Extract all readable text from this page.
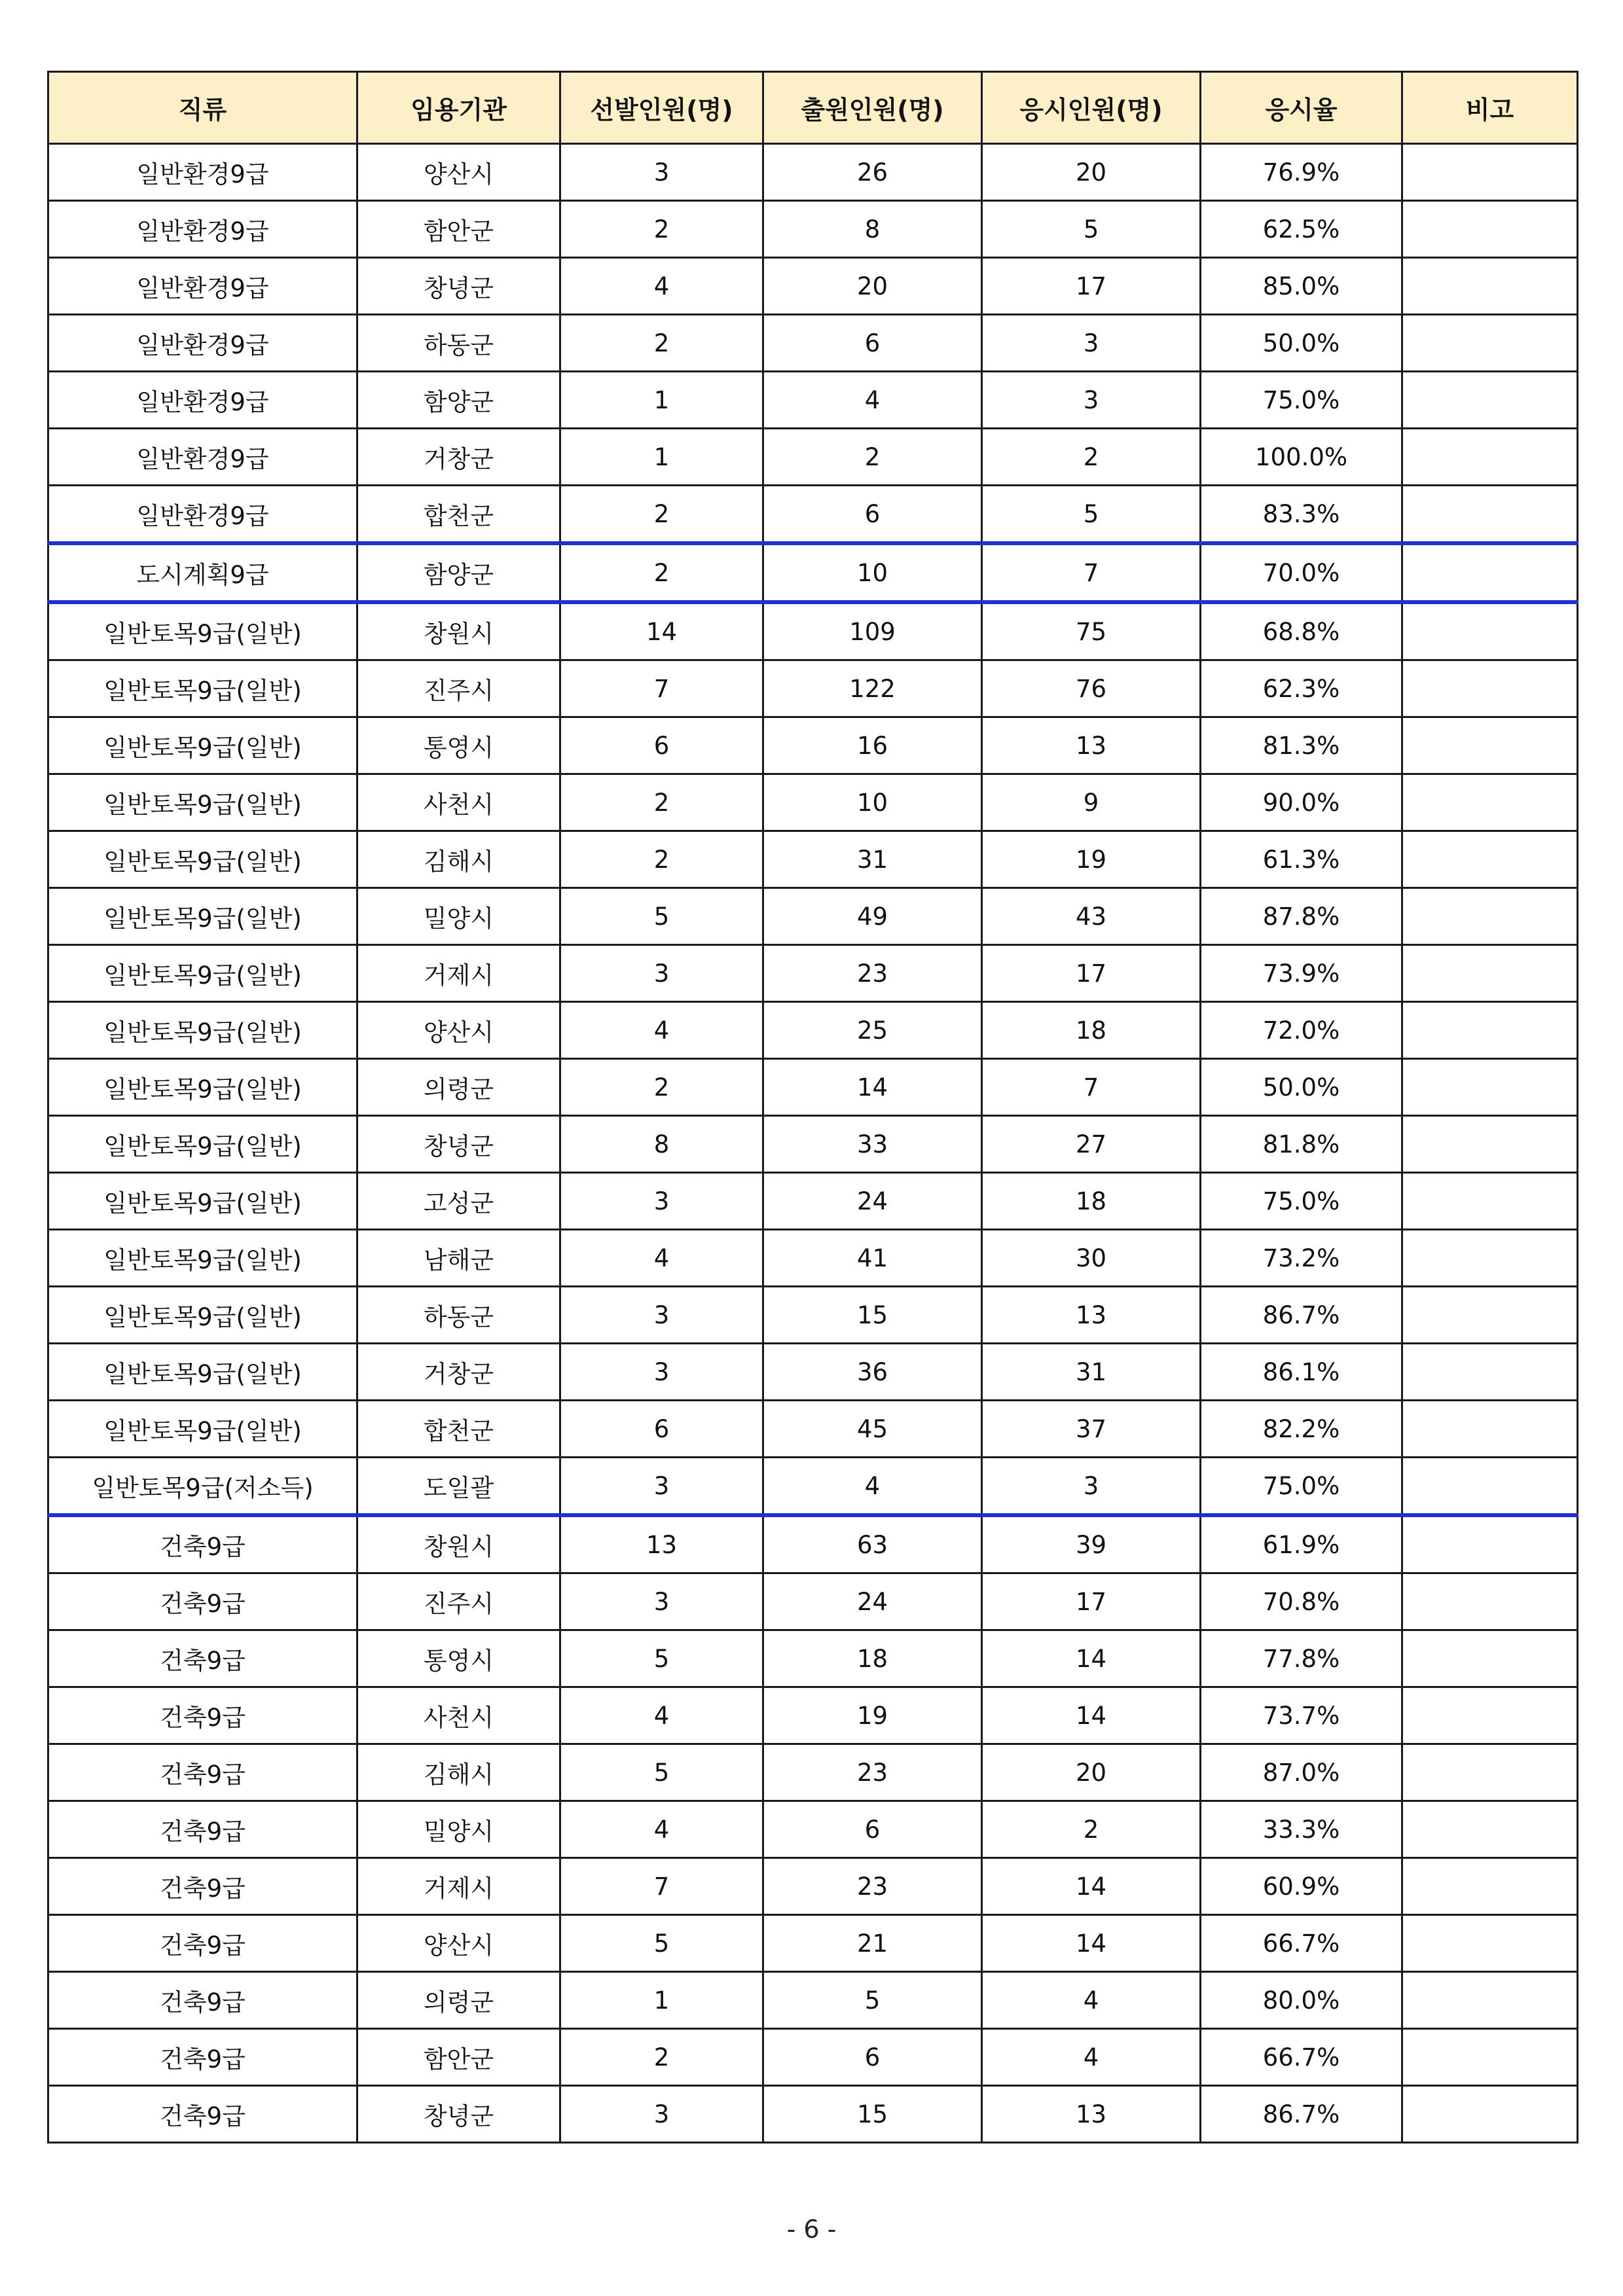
직류	임용기관	선발인원(명)	출원인원(명)	응시인원(명)	응시율	비고
일반환경9급	양산시	3	26	20	76.9%	
일반환경9급	함안군	2	8	5	62.5%	
일반환경9급	창녕군	4	20	17	85.0%	
일반환경9급	하동군	2	6	3	50.0%	
일반환경9급	함양군	1	4	3	75.0%	
일반환경9급	거창군	1	2	2	100.0%	
일반환경9급	합천군	2	6	5	83.3%	
도시계획9급	함양군	2	10	7	70.0%	
일반토목9급(일반)	창원시	14	109	75	68.8%	
일반토목9급(일반)	진주시	7	122	76	62.3%	
일반토목9급(일반)	통영시	6	16	13	81.3%	
일반토목9급(일반)	사천시	2	10	9	90.0%	
일반토목9급(일반)	김해시	2	31	19	61.3%	
일반토목9급(일반)	밀양시	5	49	43	87.8%	
일반토목9급(일반)	거제시	3	23	17	73.9%	
일반토목9급(일반)	양산시	4	25	18	72.0%	
일반토목9급(일반)	의령군	2	14	7	50.0%	
일반토목9급(일반)	창녕군	8	33	27	81.8%	
일반토목9급(일반)	고성군	3	24	18	75.0%	
일반토목9급(일반)	남해군	4	41	30	73.2%	
일반토목9급(일반)	하동군	3	15	13	86.7%	
일반토목9급(일반)	거창군	3	36	31	86.1%	
일반토목9급(일반)	합천군	6	45	37	82.2%	
일반토목9급(저소득)	도일괄	3	4	3	75.0%	
건축9급	창원시	13	63	39	61.9%	
건축9급	진주시	3	24	17	70.8%	
건축9급	통영시	5	18	14	77.8%	
건축9급	사천시	4	19	14	73.7%	
건축9급	김해시	5	23	20	87.0%	
건축9급	밀양시	4	6	2	33.3%	
건축9급	거제시	7	23	14	60.9%	
건축9급	양산시	5	21	14	66.7%	
건축9급	의령군	1	5	4	80.0%	
건축9급	함안군	2	6	4	66.7%	
건축9급	창녕군	3	15	13	86.7%	
- 6 -
